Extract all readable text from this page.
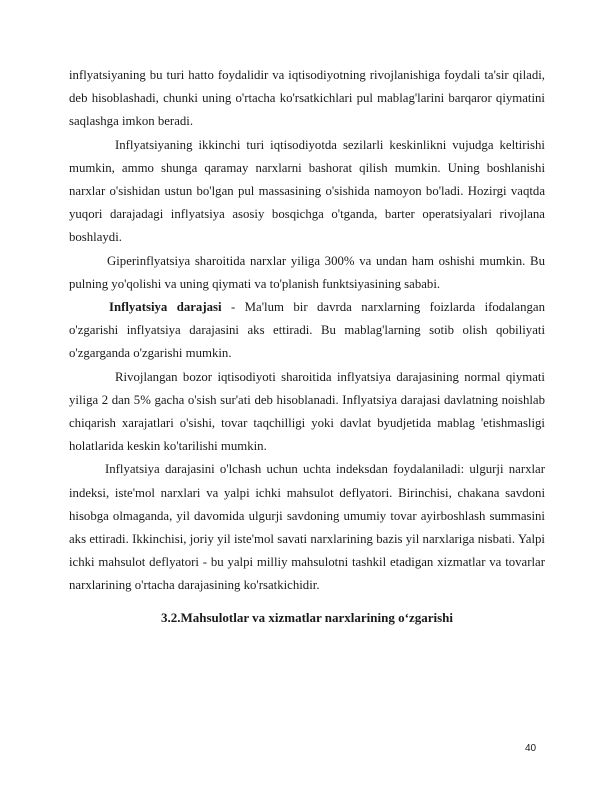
inflyatsiyaning bu turi hatto foydalidir va iqtisodiyotning rivojlanishiga foydali ta'sir qiladi, deb hisoblashadi, chunki uning o'rtacha ko'rsatkichlari pul mablag'larini barqaror qiymatini saqlashga imkon beradi.

Inflyatsiyaning ikkinchi turi iqtisodiyotda sezilarli keskinlikni vujudga keltirishi mumkin, ammo shunga qaramay narxlarni bashorat qilish mumkin. Uning boshlanishi narxlar o'sishidan ustun bo'lgan pul massasining o'sishida namoyon bo'ladi. Hozirgi vaqtda yuqori darajadagi inflyatsiya asosiy bosqichga o'tganda, barter operatsiyalari rivojlana boshlaydi.

Giperinflyatsiya sharoitida narxlar yiliga 300% va undan ham oshishi mumkin. Bu pulning yo'qolishi va uning qiymati va to'planish funktsiyasining sababi.

Inflyatsiya darajasi - Ma'lum bir davrda narxlarning foizlarda ifodalangan o'zgarishi inflyatsiya darajasini aks ettiradi. Bu mablag'larning sotib olish qobiliyati o'zgarganda o'zgarishi mumkin.

Rivojlangan bozor iqtisodiyoti sharoitida inflyatsiya darajasining normal qiymati yiliga 2 dan 5% gacha o'sish sur'ati deb hisoblanadi. Inflyatsiya darajasi davlatning noishlab chiqarish xarajatlari o'sishi, tovar taqchilligi yoki davlat byudjetida mablag 'etishmasligi holatlarida keskin ko'tarilishi mumkin.

Inflyatsiya darajasini o'lchash uchun uchta indeksdan foydalaniladi: ulgurji narxlar indeksi, iste'mol narxlari va yalpi ichki mahsulot deflyatori. Birinchisi, chakana savdoni hisobga olmaganda, yil davomida ulgurji savdoning umumiy tovar ayirboshlash summasini aks ettiradi. Ikkinchisi, joriy yil iste'mol savati narxlarining bazis yil narxlariga nisbati. Yalpi ichki mahsulot deflyatori - bu yalpi milliy mahsulotni tashkil etadigan xizmatlar va tovarlar narxlarining o'rtacha darajasining ko'rsatkichidir.

3.2.Mahsulotlar va xizmatlar narxlarining o‘zgarishi

40
